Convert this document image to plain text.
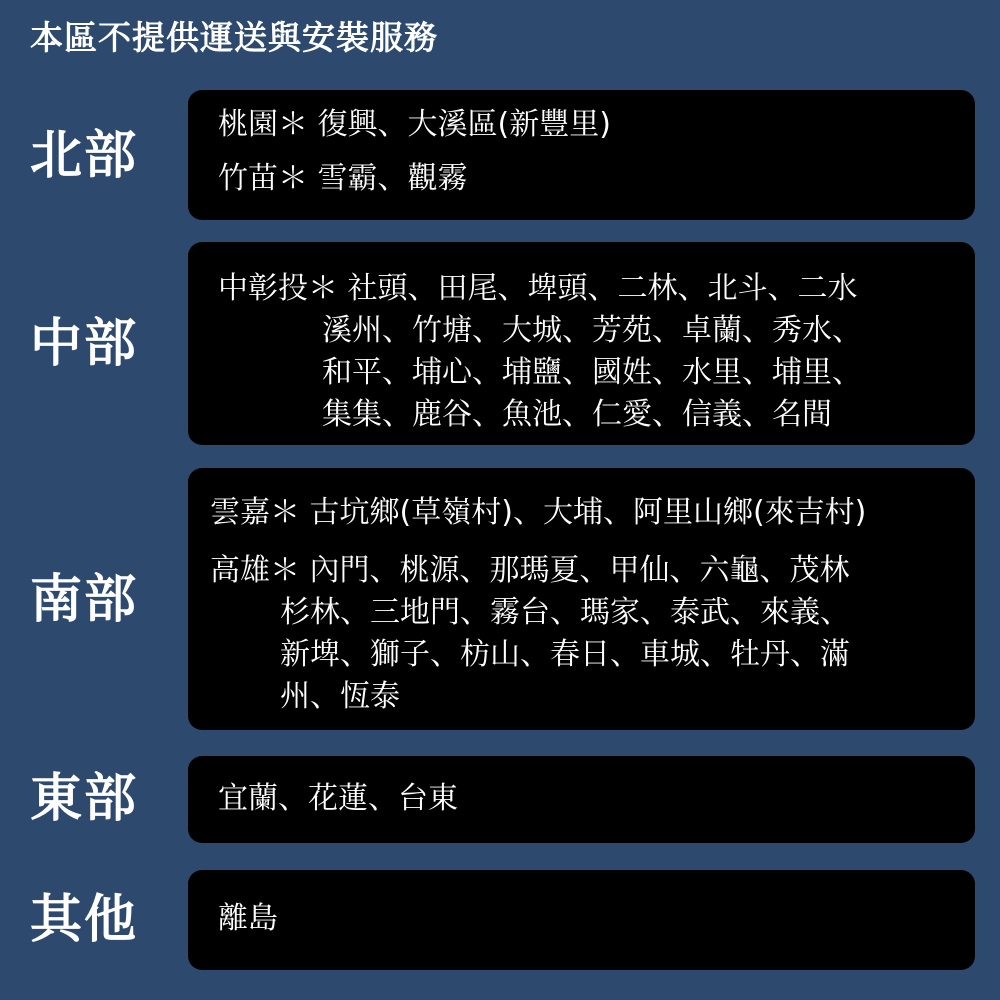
本區不提供運送與安裝服務
北部
桃園＊ 復興、大溪區(新豐里)
竹苗＊ 雪霸、觀霧
中部
中彰投＊ 社頭、田尾、埤頭、二林、北斗、二水
溪州、竹塘、大城、芳苑、卓蘭、秀水、
和平、埔心、埔鹽、國姓、水里、埔里、
集集、鹿谷、魚池、仁愛、信義、名間
南部
雲嘉＊ 古坑鄉(草嶺村)、大埔、阿里山鄉(來吉村)
高雄＊ 內門、桃源、那瑪夏、甲仙、六龜、茂林
杉林、三地門、霧台、瑪家、泰武、來義、
新埤、獅子、枋山、春日、車城、牡丹、滿
州、恆泰
東部	宜蘭、花蓮、台東
其他	離島
